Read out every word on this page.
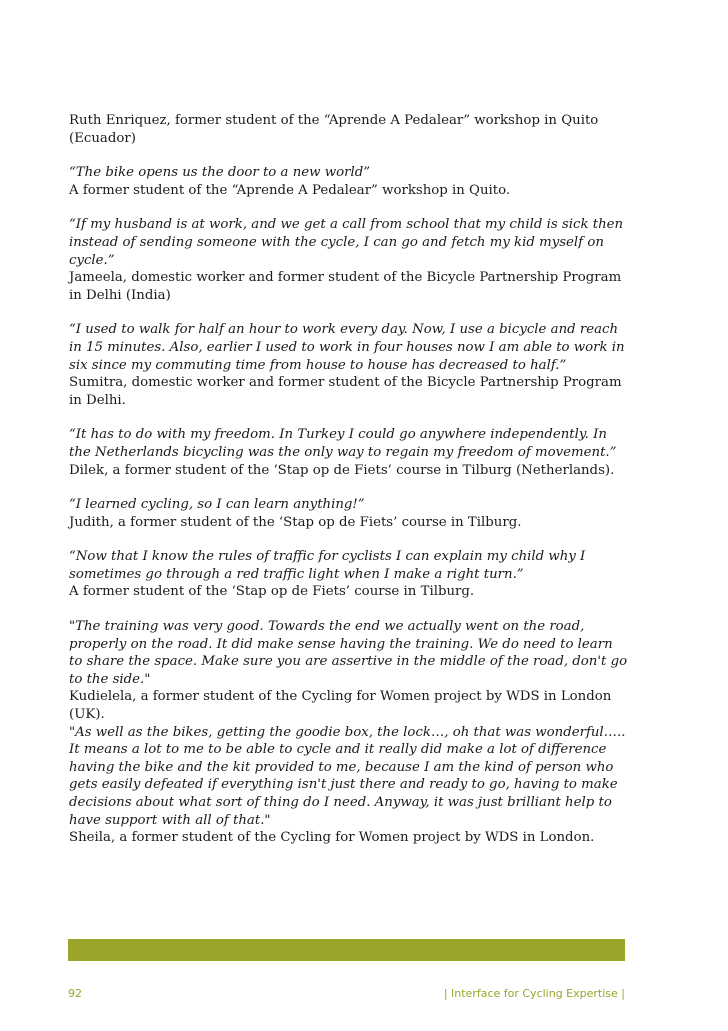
Ruth Enriquez, former student of the “Aprende A Pedalear” workshop in Quito (Ecuador)

“The bike opens us the door to a new world”

A former student of the “Aprende A Pedalear” workshop in Quito.

“If my husband is at work, and we get a call from school that my child is sick then instead of sending someone with the cycle, I can go and fetch my kid myself on cycle.”

Jameela, domestic worker and former student of the Bicycle Partnership Program in Delhi (India)

“I used to walk for half an hour to work every day. Now, I use a bicycle and reach in 15 minutes. Also, earlier I used to work in four houses now I am able to work in six since my commuting time from house to house has decreased to half.”

Sumitra, domestic worker and former student of the Bicycle Partnership Program in Delhi.

“It has to do with my freedom. In Turkey I could go anywhere independently. In the Netherlands bicycling was the only way to regain my freedom of movement.”

Dilek, a former student of the ‘Stap op de Fiets’ course in Tilburg (Netherlands).

“I learned cycling, so I can learn anything!”

Judith, a former student of the ‘Stap op de Fiets’ course in Tilburg.

“Now that I know the rules of traffic for cyclists I can explain my child why I sometimes go through a red traffic light when I make a right turn.”

A former student of the ‘Stap op de Fiets’ course in Tilburg.

"The training was very good. Towards the end we actually went on the road, properly on the road. It did make sense having the training. We do need to learn to share the space. Make sure you are assertive in the middle of the road, don't go to the side."

Kudielela, a former student of the Cycling for Women project by WDS in London (UK).

"As well as the bikes, getting the goodie box, the lock…, oh that was wonderful….. It means a lot to me to be able to cycle and it really did make a lot of difference having the bike and the kit provided to me, because I am the kind of person who gets easily defeated if everything isn't just there and ready to go, having to make decisions about what sort of thing do I need. Anyway, it was just brilliant help to have support with all of that."

Sheila, a former student of the Cycling for Women project by WDS in London.

92	| Interface for Cycling Expertise |
